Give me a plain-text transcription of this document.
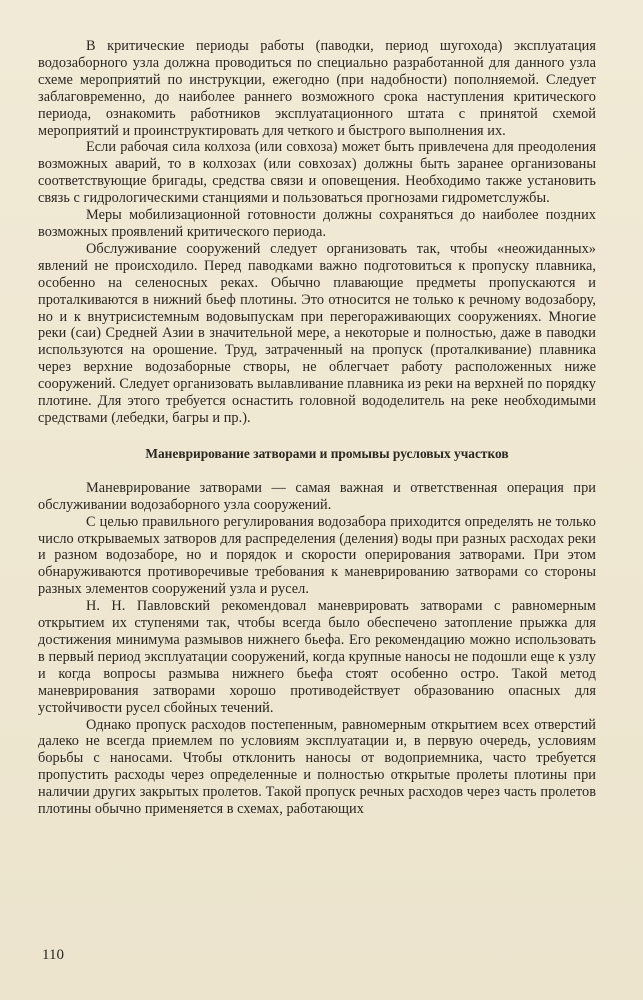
В критические периоды работы (паводки, период шугохода) эксплуатация водозаборного узла должна проводиться по специально разработанной для данного узла схеме мероприятий по инструкции, ежегодно (при надобности) пополняемой. Следует заблаговременно, до наиболее раннего возможного срока наступления критического периода, ознакомить работников эксплуатационного штата с принятой схемой мероприятий и проинструктировать для четкого и быстрого выполнения их.

Если рабочая сила колхоза (или совхоза) может быть привлечена для преодоления возможных аварий, то в колхозах (или совхозах) должны быть заранее организованы соответствующие бригады, средства связи и оповещения. Необходимо также установить связь с гидрологическими станциями и пользоваться прогнозами гидрометслужбы.

Меры мобилизационной готовности должны сохраняться до наиболее поздних возможных проявлений критического периода.

Обслуживание сооружений следует организовать так, чтобы «неожиданных» явлений не происходило. Перед паводками важно подготовиться к пропуску плавника, особенно на селеносных реках. Обычно плавающие предметы пропускаются и проталкиваются в нижний бьеф плотины. Это относится не только к речному водозабору, но и к внутрисистемным водовыпускам при перегораживающих сооружениях. Многие реки (саи) Средней Азии в значительной мере, а некоторые и полностью, даже в паводки используются на орошение. Труд, затраченный на пропуск (проталкивание) плавника через верхние водозаборные створы, не облегчает работу расположенных ниже сооружений. Следует организовать вылавливание плавника из реки на верхней по порядку плотине. Для этого требуется оснастить головной вододелитель на реке необходимыми средствами (лебедки, багры и пр.).

Маневрирование затворами и промывы русловых участков

Маневрирование затворами — самая важная и ответственная операция при обслуживании водозаборного узла сооружений.

С целью правильного регулирования водозабора приходится определять не только число открываемых затворов для распределения (деления) воды при разных расходах реки и разном водозаборе, но и порядок и скорости оперирования затворами. При этом обнаруживаются противоречивые требования к маневрированию затворами со стороны разных элементов сооружений узла и русел.

Н. Н. Павловский рекомендовал маневрировать затворами с равномерным открытием их ступенями так, чтобы всегда было обеспечено затопление прыжка для достижения минимума размывов нижнего бьефа. Его рекомендацию можно использовать в первый период эксплуатации сооружений, когда крупные наносы не подошли еще к узлу и когда вопросы размыва нижнего бьефа стоят особенно остро. Такой метод маневрирования затворами хорошо противодействует образованию опасных для устойчивости русел сбойных течений.

Однако пропуск расходов постепенным, равномерным открытием всех отверстий далеко не всегда приемлем по условиям эксплуатации и, в первую очередь, условиям борьбы с наносами. Чтобы отклонить наносы от водоприемника, часто требуется пропустить расходы через определенные и полностью открытые пролеты плотины при наличии других закрытых пролетов. Такой пропуск речных расходов через часть пролетов плотины обычно применяется в схемах, работающих

110
